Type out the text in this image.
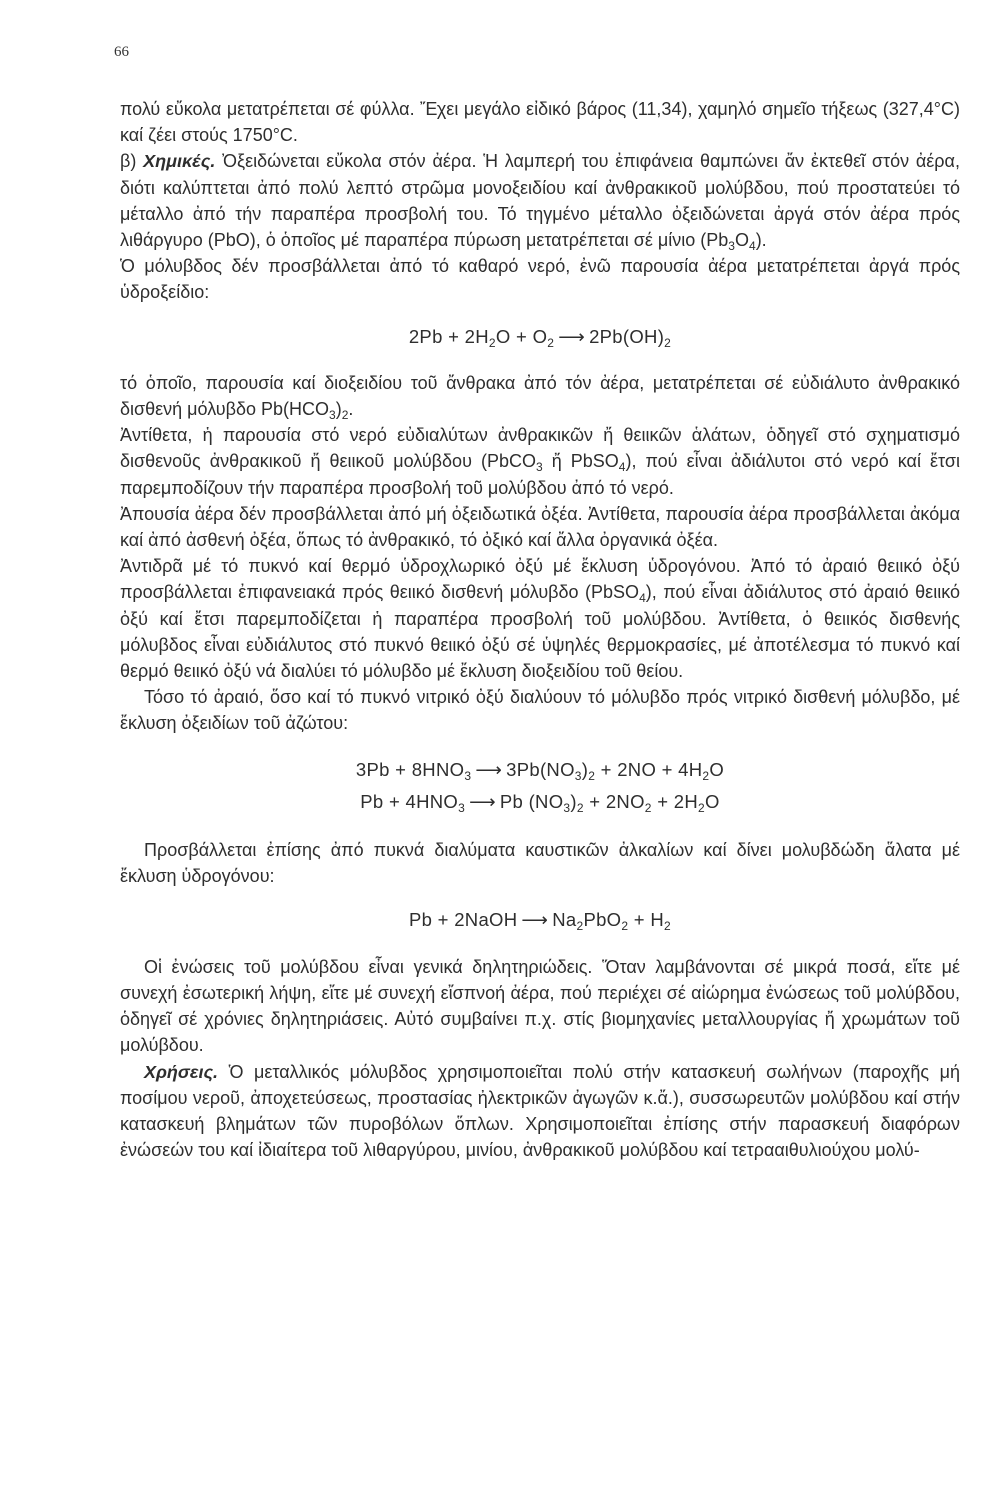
66

πολύ εὔκολα μετατρέπεται σέ φύλλα. Ἔχει μεγάλο εἰδικό βάρος (11,34), χαμηλό σημεῖο τήξεως (327,4°C) καί ζέει στούς 1750°C.

β) Χημικές. Ὀξειδώνεται εὔκολα στόν ἀέρα. Ἡ λαμπερή του ἐπιφάνεια θαμπώνει ἄν ἐκτεθεῖ στόν ἀέρα, διότι καλύπτεται ἀπό πολύ λεπτό στρῶμα μονοξειδίου καί ἀνθρακικοῦ μολύβδου, πού προστατεύει τό μέταλλο ἀπό τήν παραπέρα προσβολή του. Τό τηγμένο μέταλλο ὀξειδώνεται ἀργά στόν ἀέρα πρός λιθάργυρο (PbO), ὁ ὁποῖος μέ παραπέρα πύρωση μετατρέπεται σέ μίνιο $(Pb_3O_4)$.

Ὁ μόλυβδος δέν προσβάλλεται ἀπό τό καθαρό νερό, ἐνῶ παρουσία ἀέρα μετατρέπεται ἀργά πρός ὑδροξείδιο:

$2Pb + 2H_2O + O_2$ ⟶ $2Pb(OH)_2$

τό ὁποῖο, παρουσία καί διοξειδίου τοῦ ἄνθρακα ἀπό τόν ἀέρα, μετατρέπεται σέ εὐδιάλυτο ἀνθρακικό δισθενή μόλυβδο $Pb(HCO_3)_2$.

Ἀντίθετα, ἡ παρουσία στό νερό εὐδιαλύτων ἀνθρακικῶν ἤ θειικῶν ἁλάτων, ὁδηγεῖ στό σχηματισμό δισθενοῦς ἀνθρακικοῦ ἤ θειικοῦ μολύβδου (PbCO$_3$ ἤ PbSO$_4$), πού εἶναι ἀδιάλυτοι στό νερό καί ἔτσι παρεμποδίζουν τήν παραπέρα προσβολή τοῦ μολύβδου ἀπό τό νερό.

Ἀπουσία ἀέρα δέν προσβάλλεται ἀπό μή ὀξειδωτικά ὀξέα. Ἀντίθετα, παρουσία ἀέρα προσβάλλεται ἀκόμα καί ἀπό ἀσθενή ὀξέα, ὅπως τό ἀνθρακικό, τό ὀξικό καί ἄλλα ὀργανικά ὀξέα.

Ἀντιδρᾶ μέ τό πυκνό καί θερμό ὑδροχλωρικό ὀξύ μέ ἔκλυση ὑδρογόνου. Ἀπό τό ἀραιό θειικό ὀξύ προσβάλλεται ἐπιφανειακά πρός θειικό δισθενή μόλυβδο (PbSO$_4$), πού εἶναι ἀδιάλυτος στό ἀραιό θειικό ὀξύ καί ἔτσι παρεμποδίζεται ἡ παραπέρα προσβολή τοῦ μολύβδου. Ἀντίθετα, ὁ θειικός δισθενής μόλυβδος εἶναι εὐδιάλυτος στό πυκνό θειικό ὀξύ σέ ὑψηλές θερμοκρασίες, μέ ἀποτέλεσμα τό πυκνό καί θερμό θειικό ὀξύ νά διαλύει τό μόλυβδο μέ ἔκλυση διοξειδίου τοῦ θείου.

Τόσο τό ἀραιό, ὅσο καί τό πυκνό νιτρικό ὀξύ διαλύουν τό μόλυβδο πρός νιτρικό δισθενή μόλυβδο, μέ ἔκλυση ὀξειδίων τοῦ ἀζώτου:

$3Pb + 8HNO_3$ ⟶ $3Pb(NO_3)_2 + 2NO + 4H_2O$
$Pb + 4HNO_3$ ⟶ Pb $(NO_3)_2 + 2NO_2 + 2H_2O$

Προσβάλλεται ἐπίσης ἀπό πυκνά διαλύματα καυστικῶν ἀλκαλίων καί δίνει μολυβδώδη ἅλατα μέ ἔκλυση ὑδρογόνου:

Pb + 2NaOH ⟶ $Na_2PbO_2 + H_2$

Οἱ ἐνώσεις τοῦ μολύβδου εἶναι γενικά δηλητηριώδεις. Ὅταν λαμβάνονται σέ μικρά ποσά, εἴτε μέ συνεχή ἐσωτερική λήψη, εἴτε μέ συνεχή εἴσπνοή ἀέρα, πού περιέχει σέ αἰώρημα ἐνώσεως τοῦ μολύβδου, ὁδηγεῖ σέ χρόνιες δηλητηριάσεις. Αὐτό συμβαίνει π.χ. στίς βιομηχανίες μεταλλουργίας ἤ χρωμάτων τοῦ μολύβδου.

Χρήσεις. Ὁ μεταλλικός μόλυβδος χρησιμοποιεῖται πολύ στήν κατασκευή σωλήνων (παροχῆς μή ποσίμου νεροῦ, ἀποχετεύσεως, προστασίας ἠλεκτρικῶν ἀγωγῶν κ.ἄ.), συσσωρευτῶν μολύβδου καί στήν κατασκευή βλημάτων τῶν πυροβόλων ὅπλων. Χρησιμοποιεῖται ἐπίσης στήν παρασκευή διαφόρων ἐνώσεών του καί ἰδιαίτερα τοῦ λιθαργύρου, μινίου, ἀνθρακικοῦ μολύβδου καί τετρααιθυλιούχου μολύ-
